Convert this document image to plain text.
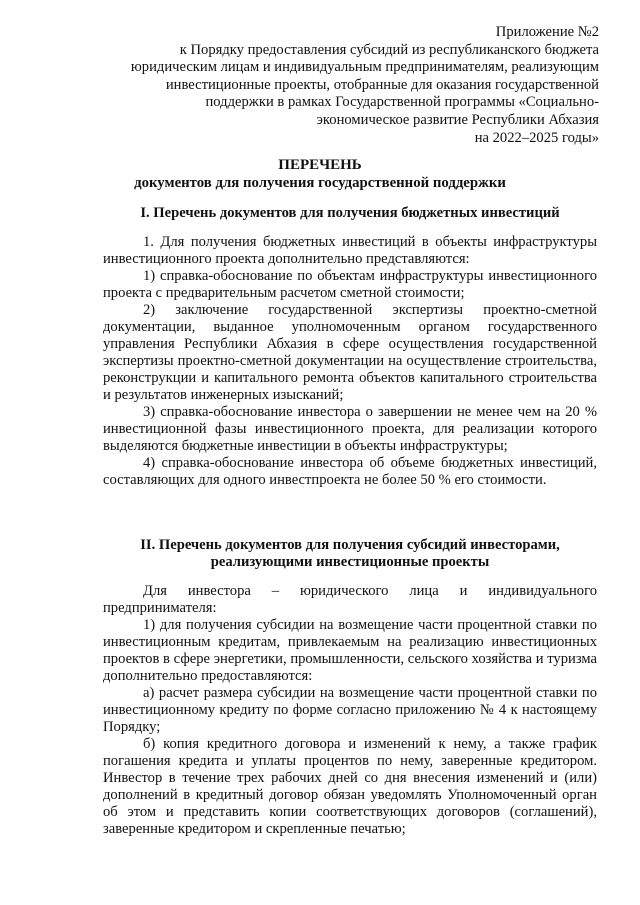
Приложение №2
к Порядку предоставления субсидий из республиканского бюджета
юридическим лицам и индивидуальным предпринимателям, реализующим
инвестиционные проекты, отобранные для оказания государственной
поддержки в рамках Государственной программы «Социально-
экономическое развитие Республики Абхазия
на 2022–2025 годы»
ПЕРЕЧЕНЬ
документов для получения государственной поддержки

I. Перечень документов для получения бюджетных инвестиций

1. Для получения бюджетных инвестиций в объекты инфраструктуры инвестиционного проекта дополнительно представляются:

1) справка-обоснование по объектам инфраструктуры инвестиционного проекта с предварительным расчетом сметной стоимости;

2) заключение государственной экспертизы проектно-сметной документации, выданное уполномоченным органом государственного управления Республики Абхазия в сфере осуществления государственной экспертизы проектно-сметной документации на осуществление строительства, реконструкции и капитального ремонта объектов капитального строительства и результатов инженерных изысканий;

3) справка-обоснование инвестора о завершении не менее чем на 20 % инвестиционной фазы инвестиционного проекта, для реализации которого выделяются бюджетные инвестиции в объекты инфраструктуры;

4) справка-обоснование инвестора об объеме бюджетных инвестиций, составляющих для одного инвестпроекта не более 50 % его стоимости.

II. Перечень документов для получения субсидий инвесторами,

реализующими инвестиционные проекты

Для инвестора – юридического лица и индивидуального предпринимателя:

1) для получения субсидии на возмещение части процентной ставки по инвестиционным кредитам, привлекаемым на реализацию инвестиционных проектов в сфере энергетики, промышленности, сельского хозяйства и туризма дополнительно предоставляются:

а) расчет размера субсидии на возмещение части процентной ставки по инвестиционному кредиту по форме согласно приложению № 4 к настоящему Порядку;

б) копия кредитного договора и изменений к нему, а также график погашения кредита и уплаты процентов по нему, заверенные кредитором. Инвестор в течение трех рабочих дней со дня внесения изменений и (или) дополнений в кредитный договор обязан уведомлять Уполномоченный орган об этом и представить копии соответствующих договоров (соглашений), заверенные кредитором и скрепленные печатью;
